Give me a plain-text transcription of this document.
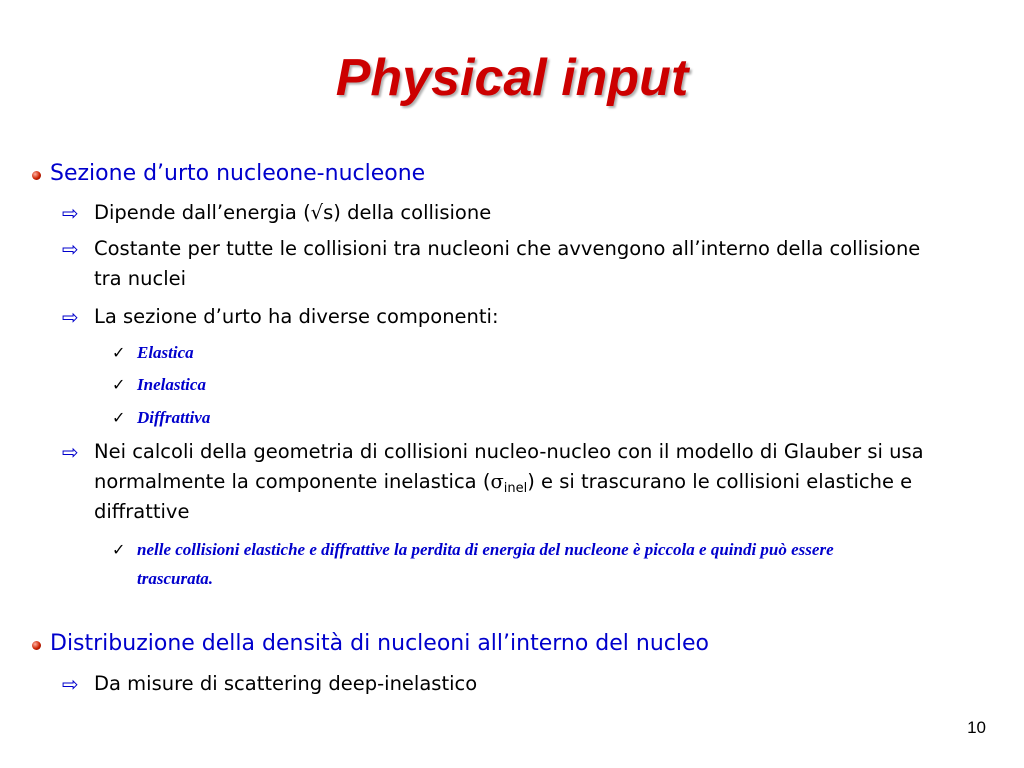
Physical input
Sezione d’urto nucleone-nucleone
⇨ Dipende dall’energia (√s) della collisione
⇨ Costante per tutte le collisioni tra nucleoni che avvengono all’interno della collisione tra nuclei
⇨ La sezione d’urto ha diverse componenti:
✓ Elastica
✓ Inelastica
✓ Diffrattiva
⇨ Nei calcoli della geometria di collisioni nucleo-nucleo con il modello di Glauber si usa normalmente la componente inelastica $(\sigma_{inel})$ e si trascurano le collisioni elastiche e diffrattive
✓ nelle collisioni elastiche e diffrattive la perdita di energia del nucleone è piccola e quindi può essere trascurata.
Distribuzione della densità di nucleoni all’interno del nucleo
⇨ Da misure di scattering deep-inelastico
10
